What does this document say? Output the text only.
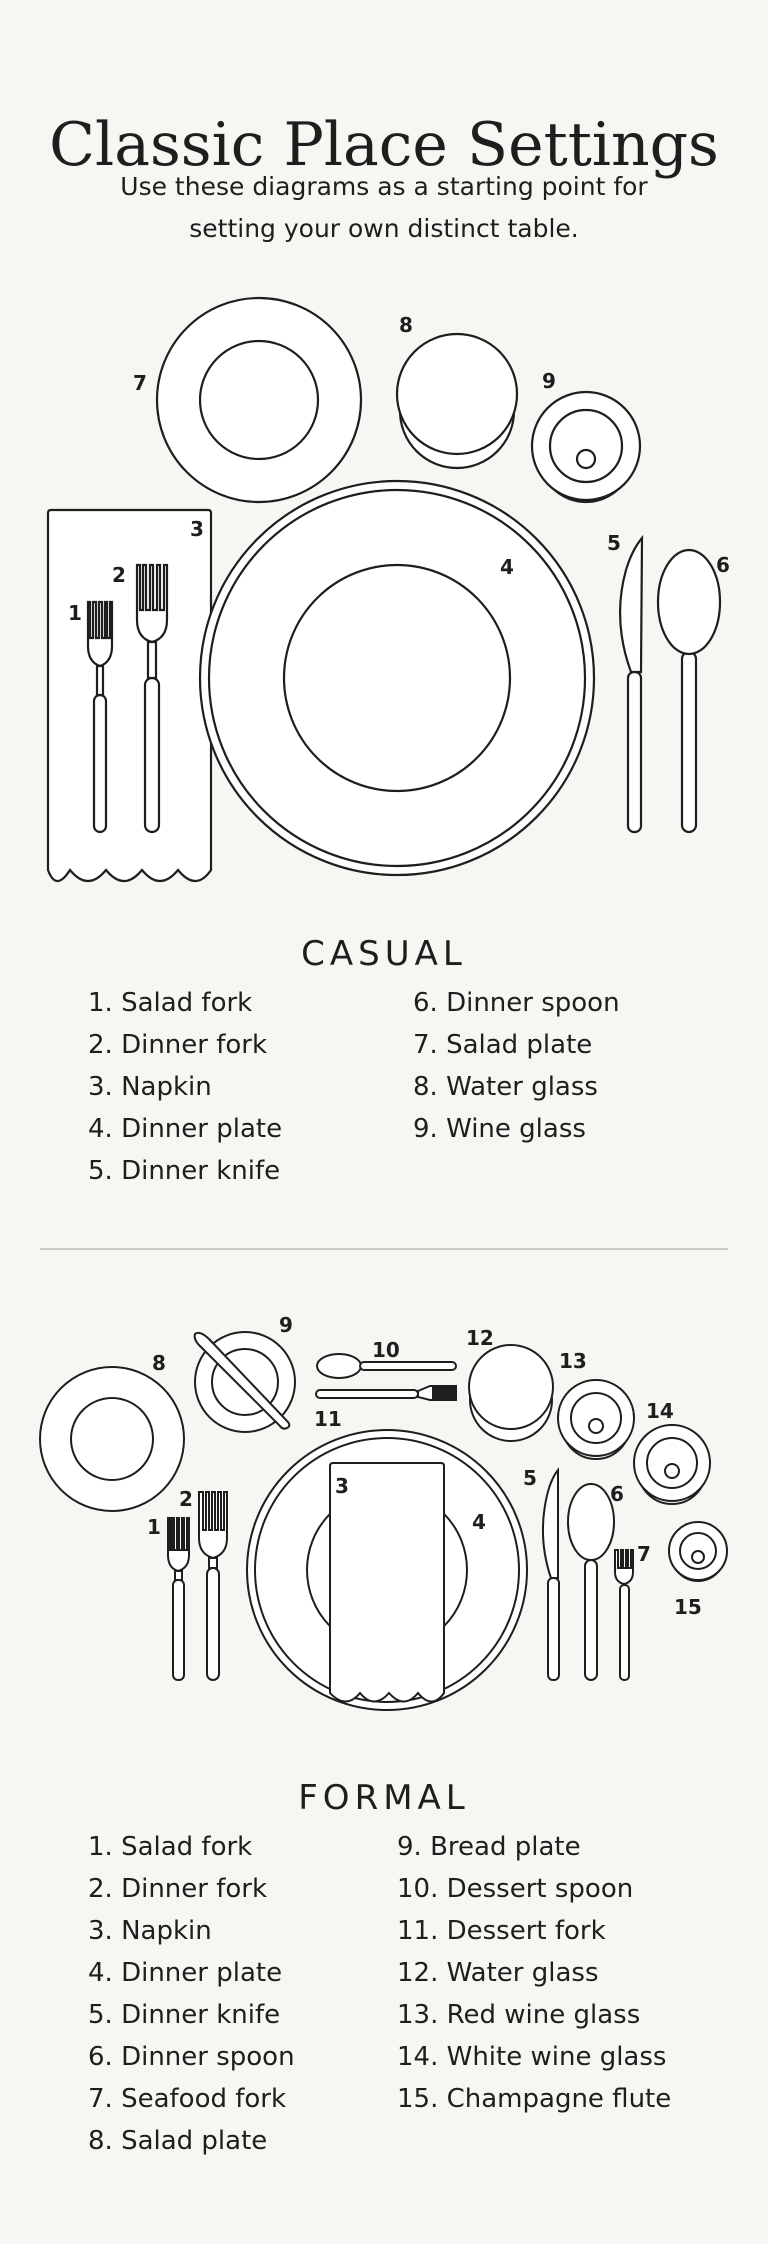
Classic Place Settings
Use these diagrams as a starting point for setting your own distinct table.
1
2
3
4
5
6
7
8
9
CASUAL
1. Salad fork
2. Dinner fork
3. Napkin
4. Dinner plate
5. Dinner knife
6. Dinner spoon
7. Salad plate
8. Water glass
9. Wine glass
1
2
3
4
5
6
7
8
9
10
11
12
13
14
15
FORMAL
1. Salad fork
2. Dinner fork
3. Napkin
4. Dinner plate
5. Dinner knife
6. Dinner spoon
7. Seafood fork
8. Salad plate
9. Bread plate
10. Dessert spoon
11. Dessert fork
12. Water glass
13. Red wine glass
14. White wine glass
15. Champagne flute
